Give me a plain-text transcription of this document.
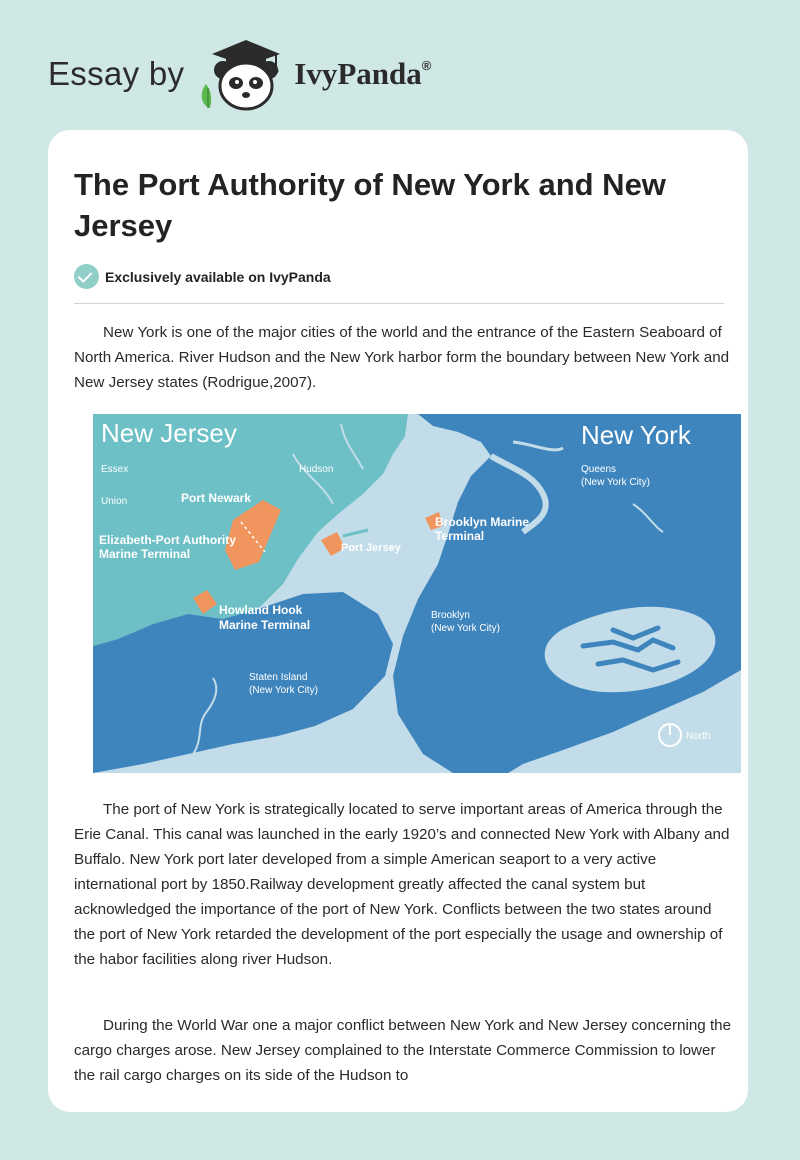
Essay by	IvyPanda®
The Port Authority of New York and New Jersey
Exclusively available on IvyPanda

New York is one of the major cities of the world and the entrance of the Eastern Seaboard of North America. River Hudson and the New York harbor form the boundary between New York and New Jersey states (Rodrigue,2007).

New Jersey	New York
Essex
Union
Hudson	Queens
(New York City)
Port Newark
Elizabeth-Port Authority
Marine Terminal	Port Jersey
Brooklyn Marine
Terminal
Howland Hook
Marine Terminal
Brooklyn
(New York City)
Staten Island
(New York City)
North

The port of New York is strategically located to serve important areas of America through the Erie Canal. This canal was launched in the early 1920’s and connected New York with Albany and Buffalo. New York port later developed from a simple American seaport to a very active international port by 1850.Railway development greatly affected the canal system but acknowledged the importance of the port of New York. Conflicts between the two states around the port of New York retarded the development of the port especially the usage and ownership of the habor facilities along river Hudson.

During the World War one a major conflict between New York and New Jersey concerning the cargo charges arose. New Jersey complained to the Interstate Commerce Commission to lower the rail cargo charges on its side of the Hudson to
